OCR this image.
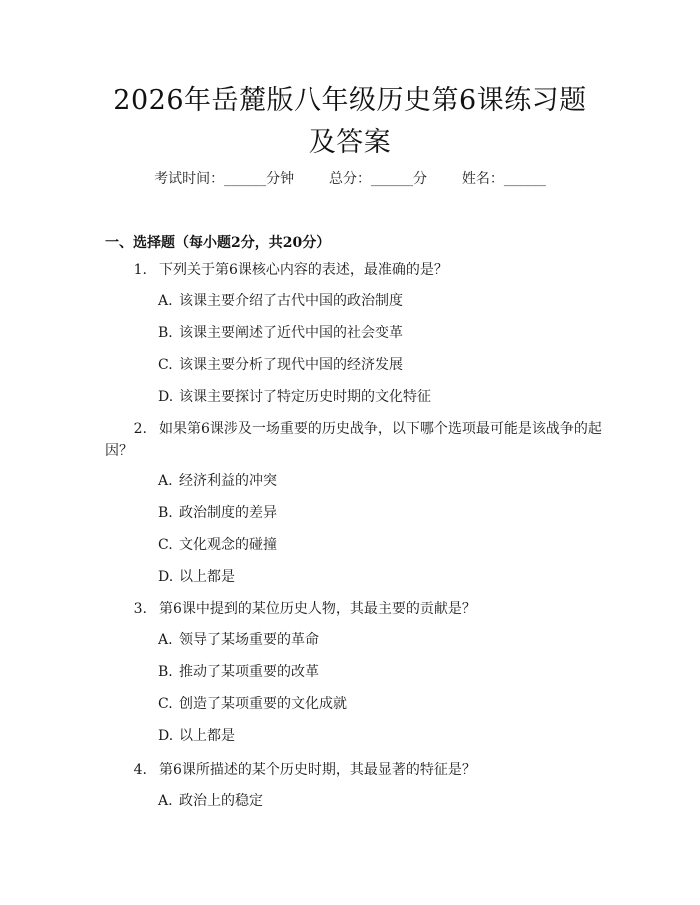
2026年岳麓版八年级历史第6课练习题及答案
考试时间：______分钟 总分：______分 姓名：______
一、选择题（每小题2分，共20分）
1. 下列关于第6课核心内容的表述，最准确的是？
A. 该课主要介绍了古代中国的政治制度
B. 该课主要阐述了近代中国的社会变革
C. 该课主要分析了现代中国的经济发展
D. 该课主要探讨了特定历史时期的文化特征
2. 如果第6课涉及一场重要的历史战争，以下哪个选项最可能是该战争的起因？
A. 经济利益的冲突
B. 政治制度的差异
C. 文化观念的碰撞
D. 以上都是
3. 第6课中提到的某位历史人物，其最主要的贡献是？
A. 领导了某场重要的革命
B. 推动了某项重要的改革
C. 创造了某项重要的文化成就
D. 以上都是
4. 第6课所描述的某个历史时期，其最显著的特征是？
A. 政治上的稳定
